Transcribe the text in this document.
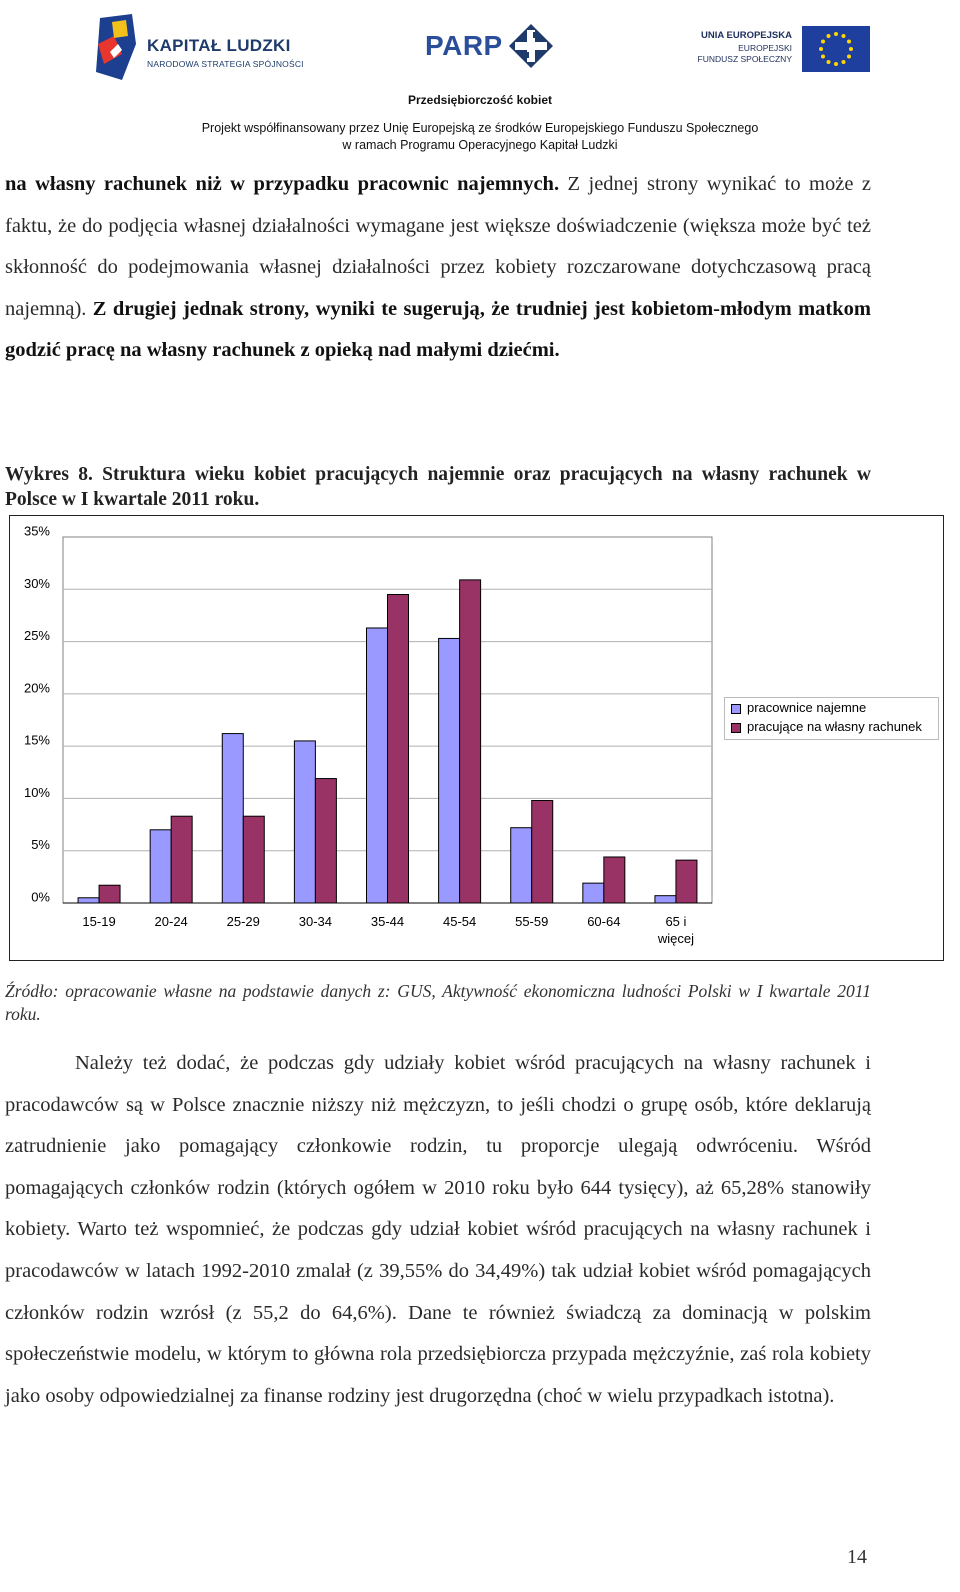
KAPITAŁ LUDZKI
NARODOWA STRATEGIA SPÓJNOŚCI
PARP	UNIA EUROPEJSKA
EUROPEJSKI
FUNDUSZ SPOŁECZNY
Przedsiębiorczość kobiet
Projekt współfinansowany przez Unię Europejską ze środków Europejskiego Funduszu Społecznego
w ramach Programu Operacyjnego Kapitał Ludzki
na własny rachunek niż w przypadku pracownic najemnych. Z jednej strony wynikać to może z faktu, że do podjęcia własnej działalności wymagane jest większe doświadczenie (większa może być też skłonność do podejmowania własnej działalności przez kobiety rozczarowane dotychczasową pracą najemną). Z drugiej jednak strony, wyniki te sugerują, że trudniej jest kobietom-młodym matkom godzić pracę na własny rachunek z opieką nad małymi dziećmi.
Wykres 8. Struktura wieku kobiet pracujących najemnie oraz pracujących na własny rachunek w Polsce w I kwartale 2011 roku.
0%
5%
10%
15%
20%
25%
30%
35%
15-19	20-24	25-29	30-34	35-44	45-54	55-59	60-64	65 i
więcej
pracownice najemne
pracujące na własny rachunek
Źródło: opracowanie własne na podstawie danych z: GUS, Aktywność ekonomiczna ludności Polski w I kwartale 2011 roku.
Należy też dodać, że podczas gdy udziały kobiet wśród pracujących na własny rachunek i pracodawców są w Polsce znacznie niższy niż mężczyzn, to jeśli chodzi o grupę osób, które deklarują zatrudnienie jako pomagający członkowie rodzin, tu proporcje ulegają odwróceniu. Wśród pomagających członków rodzin (których ogółem w 2010 roku było 644 tysięcy), aż 65,28% stanowiły kobiety. Warto też wspomnieć, że podczas gdy udział kobiet wśród pracujących na własny rachunek i pracodawców w latach 1992-2010 zmalał (z 39,55% do 34,49%) tak udział kobiet wśród pomagających członków rodzin wzrósł (z 55,2 do 64,6%). Dane te również świadczą za dominacją w polskim społeczeństwie modelu, w którym to główna rola przedsiębiorcza przypada mężczyźnie, zaś rola kobiety jako osoby odpowiedzialnej za finanse rodziny jest drugorzędna (choć w wielu przypadkach istotna).
14
